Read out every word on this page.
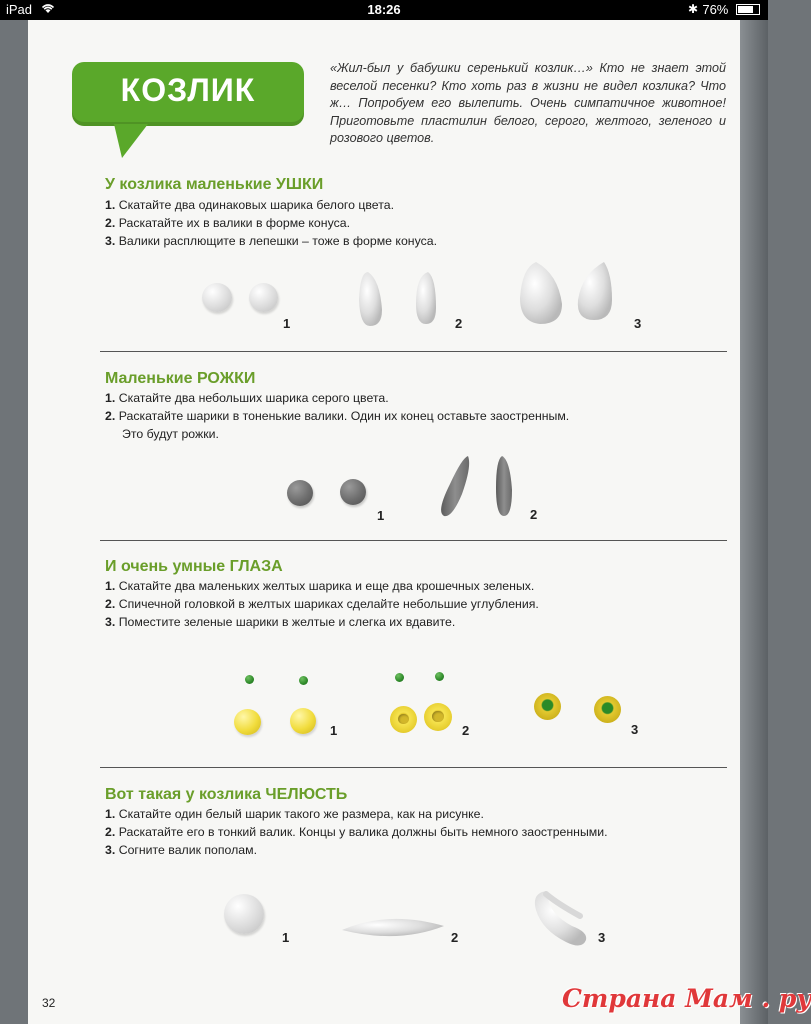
iPad	18:26	✱ 76%
КОЗЛИК
«Жил-был у бабушки серенький козлик…» Кто не знает этой веселой песенки? Кто хоть раз в жизни не видел козлика? Что ж… Попробуем его вылепить. Очень симпатичное животное! Приготовьте пластилин белого, серого, желтого, зеленого и розового цветов.
У козлика маленькие УШКИ
1. Скатайте два одинаковых шарика белого цвета.
2. Раскатайте их в валики в форме конуса.
3. Валики расплющите в лепешки – тоже в форме конуса.
1	2	3
Маленькие РОЖКИ
1. Скатайте два небольших шарика серого цвета.
2. Раскатайте шарики в тоненькие валики. Один их конец оставьте заостренным.
Это будут рожки.
1	2
И очень умные ГЛАЗА
1. Скатайте два маленьких желтых шарика и еще два крошечных зеленых.
2. Спичечной головкой в желтых шариках сделайте небольшие углубления.
3. Поместите зеленые шарики в желтые и слегка их вдавите.
1	2	3
Вот такая у козлика ЧЕЛЮСТЬ
1. Скатайте один белый шарик такого же размера, как на рисунке.
2. Раскатайте его в тонкий валик. Концы у валика должны быть немного заостренными.
3. Согните валик пополам.
1	2	3
32	Страна Мам . ру
